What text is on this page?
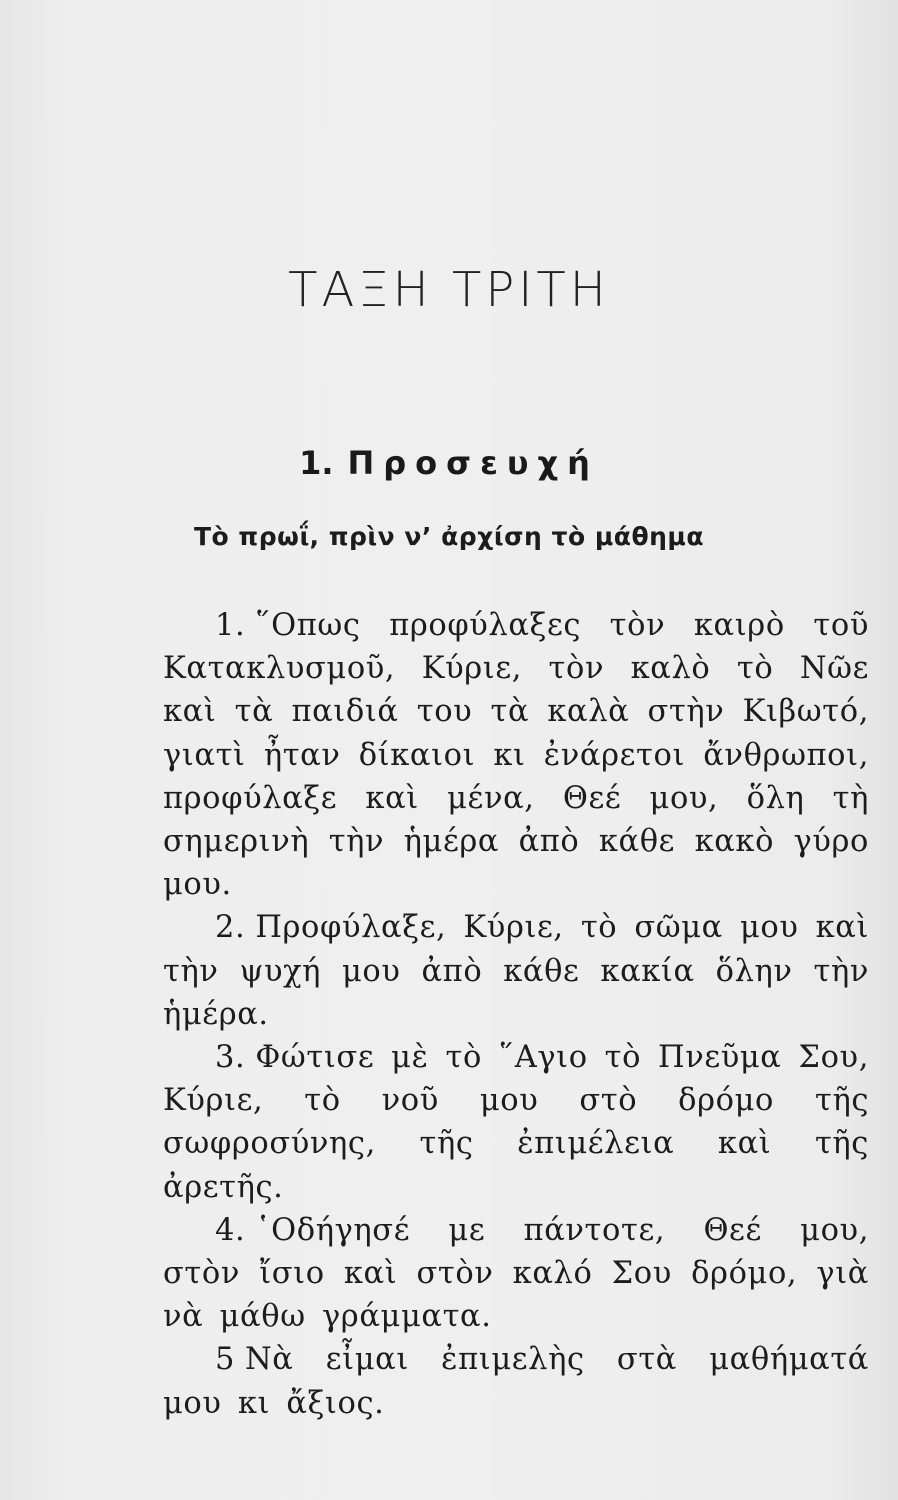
ΤΑΞΗ ΤΡΙΤΗ
1. Προσευχή
Τὸ πρωΐ, πρὶν ν’ ἀρχίση τὸ μάθημα

1. ῞Οπως προφύλαξες τὸν καιρὸ τοῦ Κατακλυσμοῦ, Κύριε, τὸν καλὸ τὸ Νῶε καὶ τὰ παιδιά του τὰ καλὰ στὴν Κιβωτό, γιατὶ ἦταν δίκαιοι κι ἐνάρετοι ἄνθρωποι, προφύλαξε καὶ μένα, Θεέ μου, ὅλη τὴ σημερινὴ τὴν ἡμέρα ἀπὸ κάθε κακὸ γύρο μου.

2. Προφύλαξε, Κύριε, τὸ σῶμα μου καὶ τὴν ψυχή μου ἀπὸ κάθε κακία ὅλην τὴν ἡμέρα.

3. Φώτισε μὲ τὸ ῞Αγιο τὸ Πνεῦμα Σου, Κύριε, τὸ νοῦ μου στὸ δρόμο τῆς σωφροσύνης, τῆς ἐπιμέλεια καὶ τῆς ἀρετῆς.

4. ῾Οδήγησέ με πάντοτε, Θεέ μου, στὸν ἴσιο καὶ στὸν καλό Σου δρόμο, γιὰ νὰ μάθω γράμματα.

5 Νὰ εἶμαι ἐπιμελὴς στὰ μαθήματά μου κι ἄξιος.
